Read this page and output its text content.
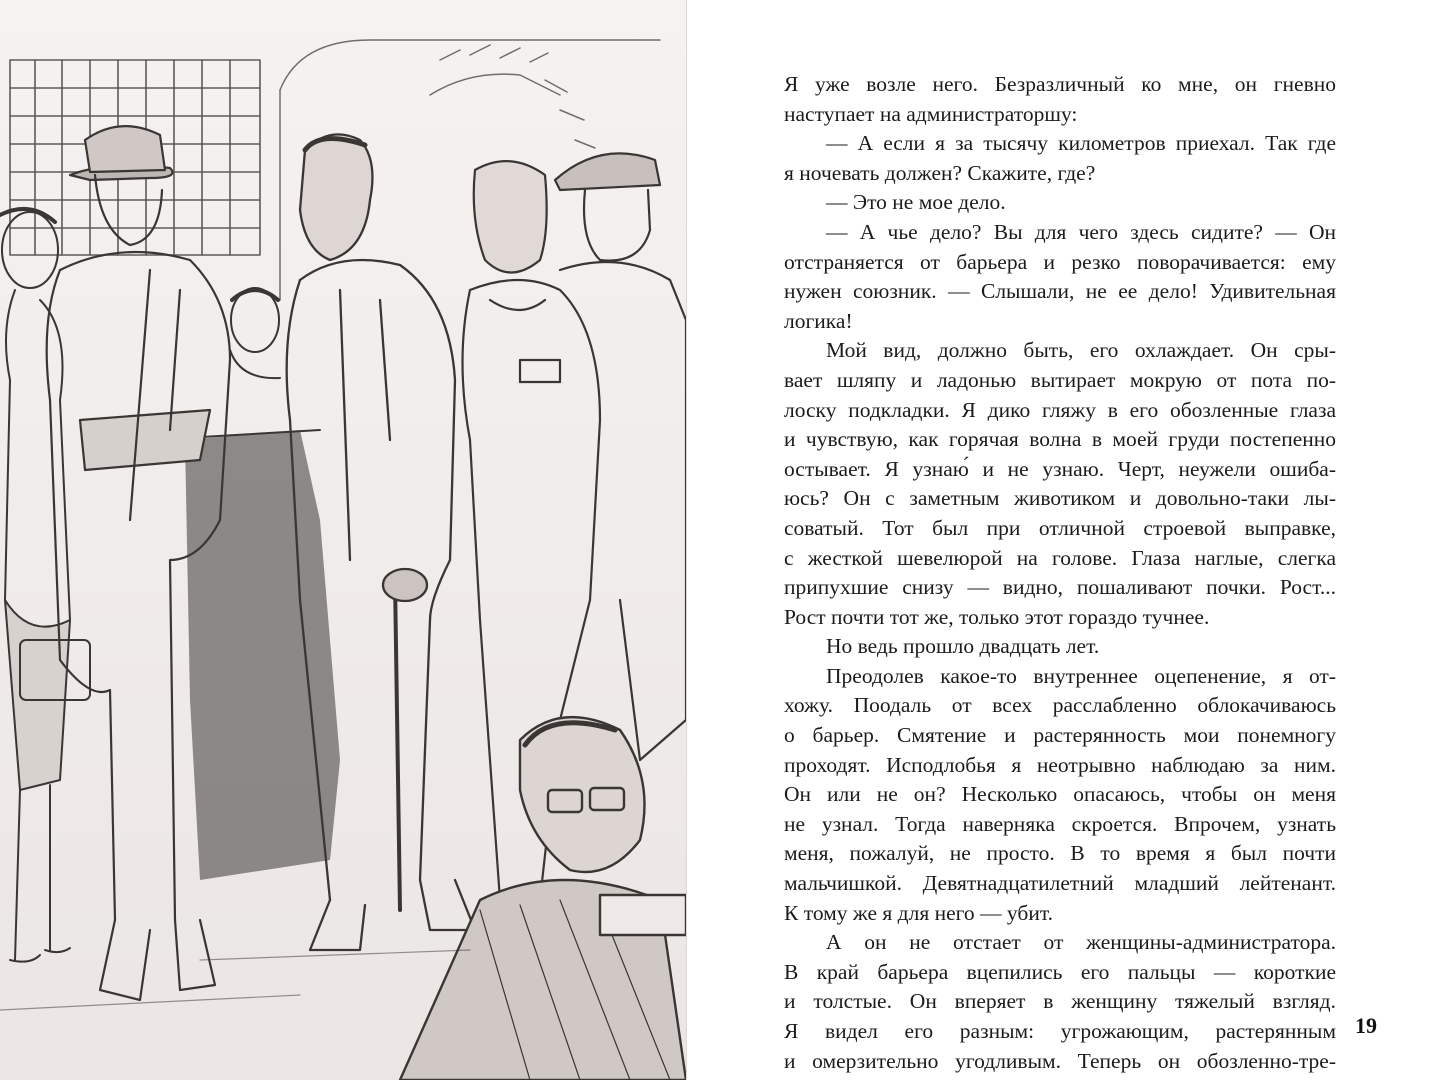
Я уже возле него. Безразличный ко мне, он гневно
наступает на администраторшу:
— А если я за тысячу километров приехал. Так где
я ночевать должен? Скажите, где?
— Это не мое дело.
— А чье дело? Вы для чего здесь сидите? — Он
отстраняется от барьера и резко поворачивается: ему
нужен союзник. — Слышали, не ее дело! Удивительная
логика!
Мой вид, должно быть, его охлаждает. Он сры-
вает шляпу и ладонью вытирает мокрую от пота по-
лоску подкладки. Я дико гляжу в его обозленные глаза
и чувствую, как горячая волна в моей груди постепенно
остывает. Я узнаю́ и не узнаю. Черт, неужели ошиба-
юсь? Он с заметным животиком и довольно-таки лы-
соватый. Тот был при отличной строевой выправке,
с жесткой шевелюрой на голове. Глаза наглые, слегка
припухшие снизу — видно, пошаливают почки. Рост...
Рост почти тот же, только этот гораздо тучнее.
Но ведь прошло двадцать лет.
Преодолев какое-то внутреннее оцепенение, я от-
хожу. Поодаль от всех расслабленно облокачиваюсь
о барьер. Смятение и растерянность мои понемногу
проходят. Исподлобья я неотрывно наблюдаю за ним.
Он или не он? Несколько опасаюсь, чтобы он меня
не узнал. Тогда наверняка скроется. Впрочем, узнать
меня, пожалуй, не просто. В то время я был почти
мальчишкой. Девятнадцатилетний младший лейтенант.
К тому же я для него — убит.
А он не отстает от женщины-администратора.
В край барьера вцепились его пальцы — короткие
и толстые. Он вперяет в женщину тяжелый взгляд.
Я видел его разным: угрожающим, растерянным
и омерзительно угодливым. Теперь он обозленно-тре-
19
